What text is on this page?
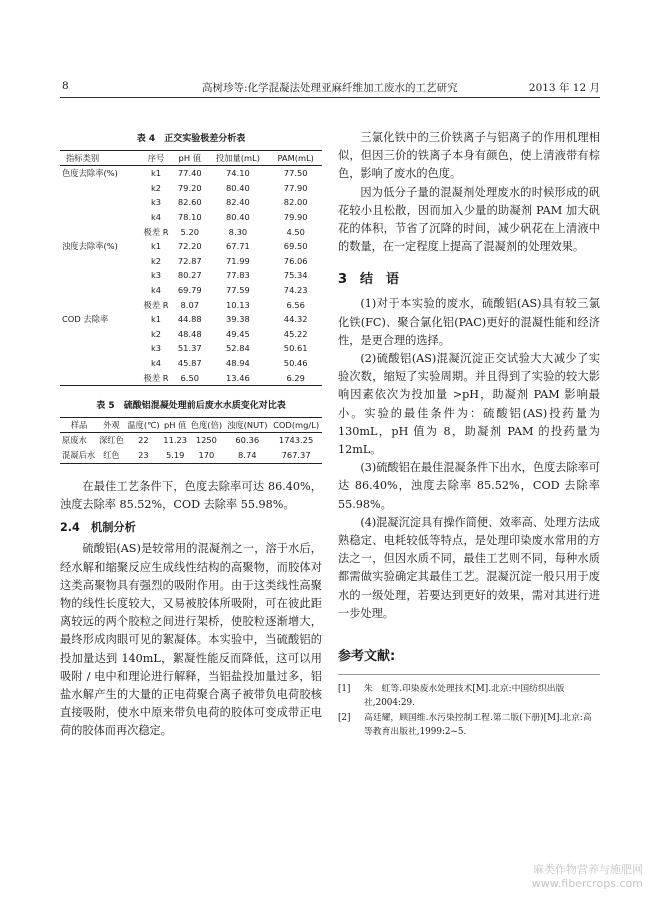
8	高树珍等:化学混凝法处理亚麻纤维加工废水的工艺研究	2013 年 12 月
表 4　正交实验极差分析表
指标类别	序号	pH 值	投加量(mL)	PAM(mL)
色度去除率(%)	k1	77.40	74.10	77.50
	k2	79.20	80.40	77.90
	k3	82.60	82.40	82.00
	k4	78.10	80.40	79.90
	极差 R	5.20	8.30	4.50
浊度去除率(%)	k1	72.20	67.71	69.50
	k2	72.87	71.99	76.06
	k3	80.27	77.83	75.34
	k4	69.79	77.59	74.23
	极差 R	8.07	10.13	6.56
COD 去除率	k1	44.88	39.38	44.32
	k2	48.48	49.45	45.22
	k3	51.37	52.84	50.61
	k4	45.87	48.94	50.46
	极差 R	6.50	13.46	6.29
表 5　硫酸铝混凝处理前后废水水质变化对比表
样品	外观	温度(℃)	pH 值	色度(倍)	浊度(NUT)	COD(mg/L)
原废水	深红色	22	11.23	1250	60.36	1743.25
混凝后水	红色	23	5.19	170	8.74	767.37

在最佳工艺条件下，色度去除率可达 86.40%，浊度去除率 85.52%，COD 去除率 55.98%。

2.4　机制分析

硫酸铝(AS)是较常用的混凝剂之一，溶于水后，经水解和缩聚反应生成线性结构的高聚物，而胶体对这类高聚物具有强烈的吸附作用。由于这类线性高聚物的线性长度较大，又易被胶体所吸附，可在彼此距离较远的两个胶粒之间进行架桥，使胶粒逐渐增大，最终形成肉眼可见的絮凝体。本实验中，当硫酸铝的投加量达到 140mL，絮凝性能反而降低，这可以用吸附 / 电中和理论进行解释，当铝盐投加量过多，铝盐水解产生的大量的正电荷聚合离子被带负电荷胶核直接吸附，使水中原来带负电荷的胶体可变成带正电荷的胶体而再次稳定。

三氯化铁中的三价铁离子与铝离子的作用机理相似，但因三价的铁离子本身有颜色，使上清液带有棕色，影响了废水的色度。

因为低分子量的混凝剂处理废水的时候形成的矾花较小且松散，因而加入少量的助凝剂 PAM 加大矾花的体积，节省了沉降的时间，减少矾花在上清液中的数量，在一定程度上提高了混凝剂的处理效果。

3　结　语

(1)对于本实验的废水，硫酸铝(AS)具有较三氯化铁(FC)、聚合氯化铝(PAC)更好的混凝性能和经济性，是更合理的选择。

(2)硫酸铝(AS)混凝沉淀正交试验大大减少了实验次数，缩短了实验周期。并且得到了实验的较大影响因素依次为投加量 >pH，助凝剂 PAM 影响最小。实验的最佳条件为：硫酸铝(AS)投药量为 130mL，pH 值为 8，助凝剂 PAM 的投药量为 12mL。

(3)硫酸铝在最佳混凝条件下出水，色度去除率可达 86.40%，浊度去除率 85.52%，COD 去除率 55.98%。

(4)混凝沉淀具有操作简便、效率高、处理方法成熟稳定、电耗较低等特点，是处理印染废水常用的方法之一，但因水质不同，最佳工艺则不同，每种水质都需做实验确定其最佳工艺。混凝沉淀一般只用于废水的一级处理，若要达到更好的效果，需对其进行进一步处理。

参考文献:
[1]	朱　虹等.印染废水处理技术[M].北京:中国纺织出版社,2004:29.
[2]	高廷耀，顾国维.水污染控制工程.第二版(下册)[M].北京:高等教育出版社,1999:2~5.
麻类作物营养与施肥网
www.fibercrops.com
